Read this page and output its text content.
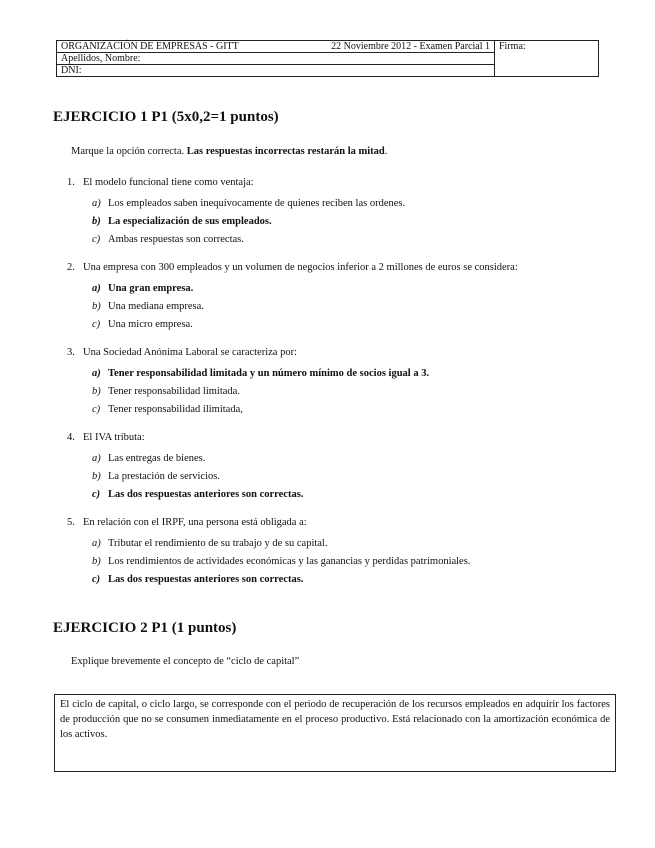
ORGANIZACIÓN DE EMPRESAS - GITT	22 Noviembre 2012 - Examen Parcial 1	Firma:
Apellidos, Nombre:
DNI:
EJERCICIO 1 P1 (5x0,2=1 puntos)

Marque la opción correcta. Las respuestas incorrectas restarán la mitad.

1. El modelo funcional tiene como ventaja:
a) Los empleados saben inequívocamente de quienes reciben las ordenes.
b) La especialización de sus empleados.
c) Ambas respuestas son correctas.
2. Una empresa con 300 empleados y un volumen de negocios inferior a 2 millones de euros se considera:
a) Una gran empresa.
b) Una mediana empresa.
c) Una micro empresa.
3. Una Sociedad Anónima Laboral se caracteriza por:
a) Tener responsabilidad limitada y un número mínimo de socios igual a 3.
b) Tener responsabilidad limitada.
c) Tener responsabilidad ilimitada,
4. El IVA tributa:
a) Las entregas de bienes.
b) La prestación de servicios.
c) Las dos respuestas anteriores son correctas.
5. En relación con el IRPF, una persona está obligada a:
a) Tributar el rendimiento de su trabajo y de su capital.
b) Los rendimientos de actividades económicas y las ganancias y perdidas patrimoniales.
c) Las dos respuestas anteriores son correctas.
EJERCICIO 2 P1 (1 puntos)

Explique brevemente el concepto de “ciclo de capital”

El ciclo de capital, o ciclo largo, se corresponde con el periodo de recuperación de los recursos empleados en adquirir los factores de producción que no se consumen inmediatamente en el proceso productivo. Está relacionado con la amortización económica de los activos.
